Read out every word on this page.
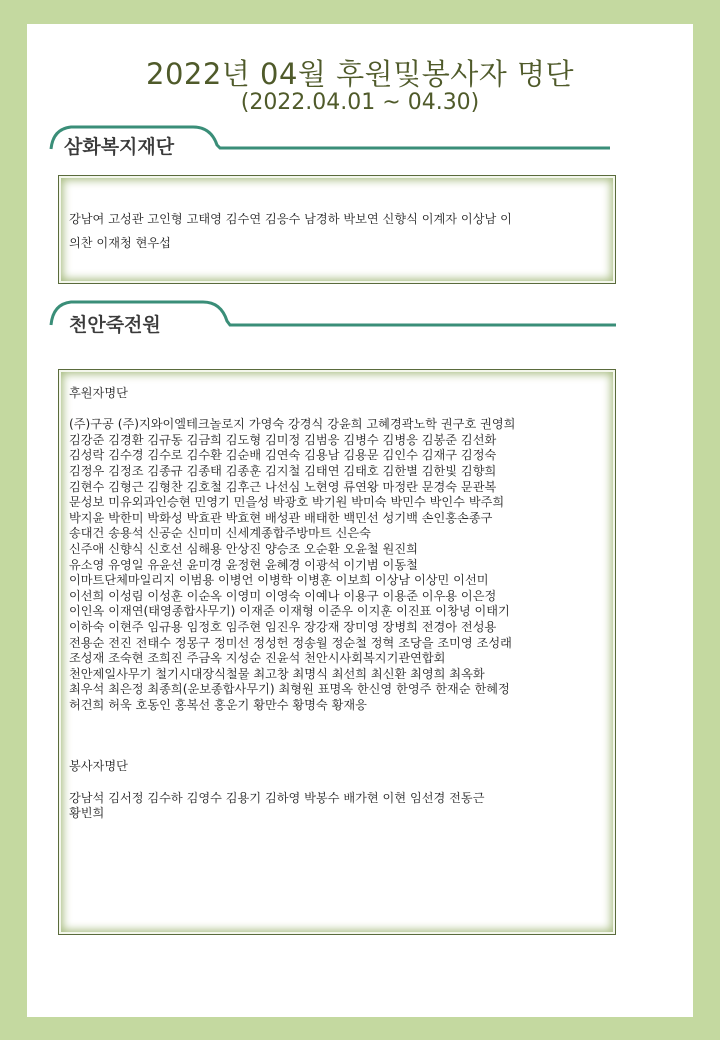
2022년 04월 후원및봉사자 명단
(2022.04.01 ~ 04.30)
삼화복지재단

강남여 고성관 고인형 고태영 김수연 김응수 남경하 박보연 신향식 이계자 이상남 이

의찬 이재청 현우섭

천안죽전원

후원자명단

(주)구공 (주)지와이엘테크놀로지 가영숙 강경식 강윤희 고혜경곽노학 권구호 권영희

김강준 김경환 김규동 김금희 김도형 김미정 김범응 김병수 김병응 김봉준 김선화

김성락 김수경 김수로 김수환 김순배 김연숙 김용남 김용문 김인수 김재구 김정숙

김정우 김정조 김종규 김종태 김종훈 김지철 김태연 김태호 김한별 김한빛 김향희

김현수 김형근 김형찬 김호철 김후근 나선심 노현영 류연왕 마정란 문경숙 문관복

문성보 미유외과인승현 민영기 민을성 박광호 박기원 박미숙 박민수 박인수 박주희

박지윤 박한미 박화성 박효관 박효현 배성관 배태한 백민선 성기백 손인홍손종구

송대건 송용석 신공순 신미미 신세계종합주방마트 신은숙

신주애 신향식 신호선 심해용 안상진 양승조 오순환 오윤철 원진희

유소영 유영일 유윤선 윤미경 윤정현 윤혜경 이광석 이기범 이동철

이마트단체마일리지 이범용 이병언 이병학 이병훈 이보희 이상남 이상민 이선미

이선희 이성림 이성훈 이순옥 이영미 이영숙 이예나 이용구 이용준 이우용 이은정

이인옥 이재연(태영종합사무기) 이재준 이재형 이준우 이지훈 이진표 이창녕 이태기

이하숙 이현주 임규용 임정호 임주현 임진우 장강재 장미영 장병희 전경아 전성용

전용순 전진 전태수 정몽구 정미선 정성헌 정송월 정순철 정혁 조당을 조미영 조성래

조성재 조숙현 조희진 주금옥 지성순 진윤석 천안시사회복지기관연합회

천안제일사무기 철기시대장식철물 최고창 최명식 최선희 최신환 최영희 최옥화

최우석 최은정 최종희(운보종합사무기) 최형원 표명옥 한신영 한영주 한재순 한혜정

허건희 허욱 호동인 홍복선 홍운기 황만수 황명숙 황재응

봉사자명단

강남석 김서정 김수하 김영수 김용기 김하영 박봉수 배가현 이현 임선경 전동근

황빈희
